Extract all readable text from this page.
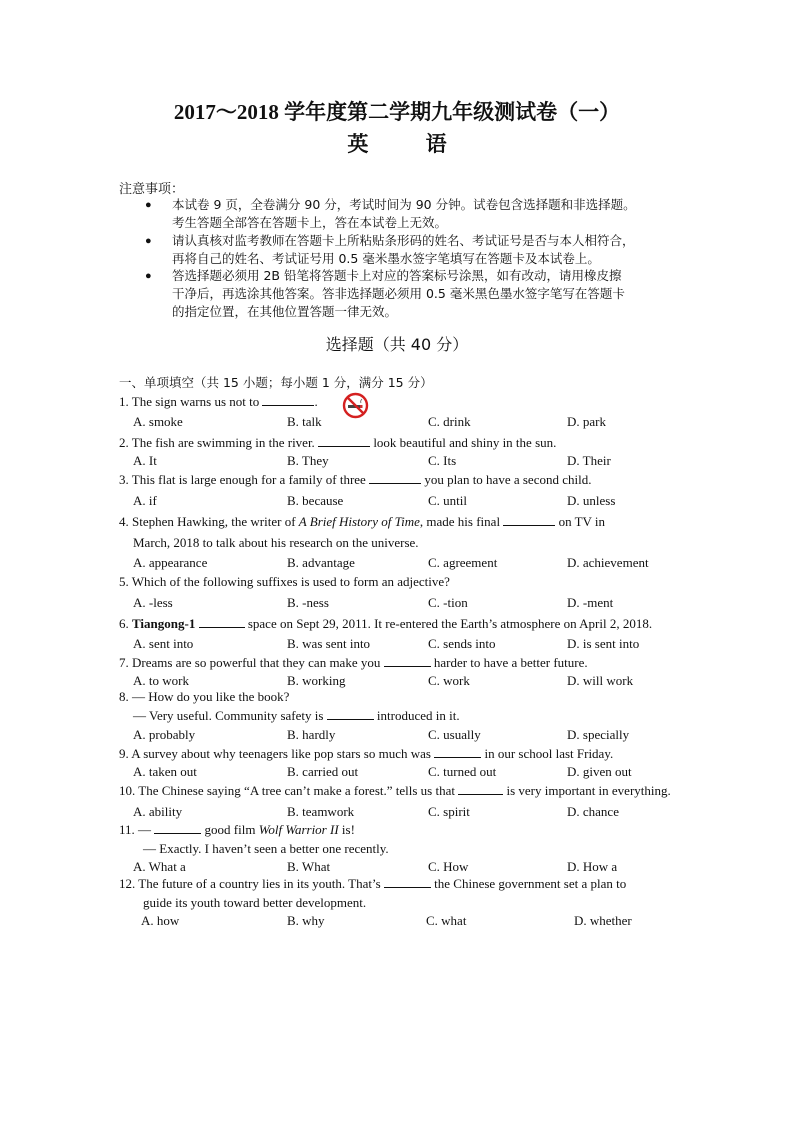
2017～2018 学年度第二学期九年级测试卷（一）
英 语
注意事项：
● 本试卷 9 页，全卷满分 90 分，考试时间为 90 分钟。试卷包含选择题和非选择题。
考生答题全部答在答题卡上，答在本试卷上无效。
● 请认真核对监考教师在答题卡上所粘贴条形码的姓名、考试证号是否与本人相符合，
再将自己的姓名、考试证号用 0.5 毫米墨水签字笔填写在答题卡及本试卷上。
● 答选择题必须用 2B 铅笔将答题卡上对应的答案标号涂黑，如有改动，请用橡皮擦
干净后，再选涂其他答案。答非选择题必须用 0.5 毫米黑色墨水签字笔写在答题卡
的指定位置，在其他位置答题一律无效。
选择题（共 40 分）
一、单项填空（共 15 小题；每小题 1 分，满分 15 分）
1. The sign warns us not to	.
A. smoke	B. talk	C. drink	D. park
2. The fish are swimming in the river.	look beautiful and shiny in the sun.
A. It	B. They	C. Its	D. Their
3. This flat is large enough for a family of three	you plan to have a second child.
A. if	B. because	C. until	D. unless
4. Stephen Hawking, the writer of A Brief History of Time, made his final	on TV in
March, 2018 to talk about his research on the universe.
A. appearance	B. advantage	C. agreement	D. achievement
5. Which of the following suffixes is used to form an adjective?
A. -less	B. -ness	C. -tion	D. -ment
6. Tiangong-1	space on Sept 29, 2011. It re-entered the Earth’s atmosphere on April 2, 2018.
A. sent into	B. was sent into	C. sends into	D. is sent into
7. Dreams are so powerful that they can make you	harder to have a better future.
A. to work	B. working	C. work	D. will work
8. — How do you like the book?
— Very useful. Community safety is	introduced in it.
A. probably	B. hardly	C. usually	D. specially
9. A survey about why teenagers like pop stars so much was	in our school last Friday.
A. taken out	B. carried out	C. turned out	D. given out
10. The Chinese saying “A tree can’t make a forest.” tells us that	is very important in everything.
A. ability	B. teamwork	C. spirit	D. chance
11. —	good film Wolf Warrior II is!
— Exactly. I haven’t seen a better one recently.
A. What a	B. What	C. How	D. How a
12. The future of a country lies in its youth. That’s	the Chinese government set a plan to
guide its youth toward better development.
A. how	B. why	C. what	D. whether
